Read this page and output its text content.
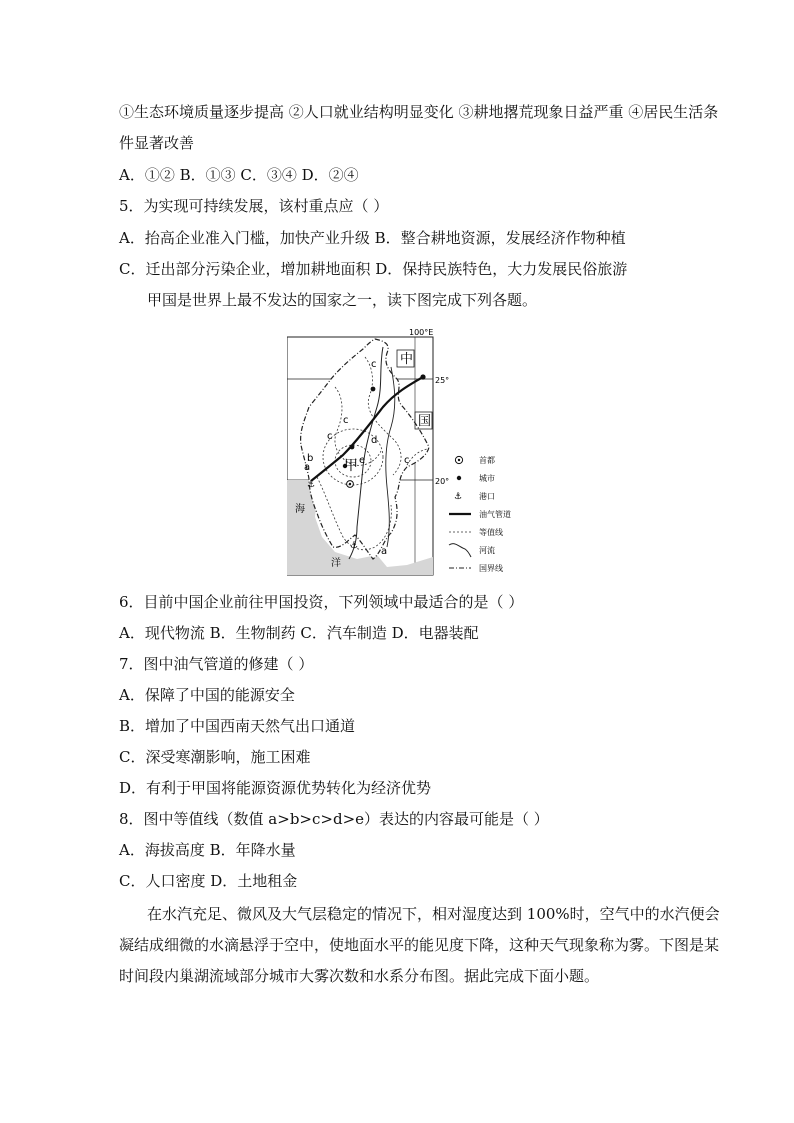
①生态环境质量逐步提高 ②人口就业结构明显变化 ③耕地撂荒现象日益严重 ④居民生活条
件显著改善
A．①② B．①③ C．③④ D．②④
5．为实现可持续发展，该村重点应（ ）
A．抬高企业准入门槛，加快产业升级 B．整合耕地资源，发展经济作物种植
C．迁出部分污染企业，增加耕地面积 D．保持民族特色，大力发展民俗旅游
甲国是世界上最不发达的国家之一，读下图完成下列各题。
100°E
25°
20°
⚓
⚓
中
国
甲
海
洋
a
b
c
c
c	d
e	c
a
首都
城市
⚓ 港口
油气管道
等值线
河流
国界线
6．目前中国企业前往甲国投资，下列领域中最适合的是（ ）
A．现代物流 B．生物制药 C．汽车制造 D．电器装配
7．图中油气管道的修建（ ）
A．保障了中国的能源安全
B．增加了中国西南天然气出口通道
C．深受寒潮影响，施工困难
D．有利于甲国将能源资源优势转化为经济优势
8．图中等值线（数值 a>b>c>d>e）表达的内容最可能是（ ）
A．海拔高度 B．年降水量
C．人口密度 D．土地租金
在水汽充足、微风及大气层稳定的情况下，相对湿度达到 100%时，空气中的水汽便会
凝结成细微的水滴悬浮于空中，使地面水平的能见度下降，这种天气现象称为雾。下图是某
时间段内巢湖流域部分城市大雾次数和水系分布图。据此完成下面小题。
